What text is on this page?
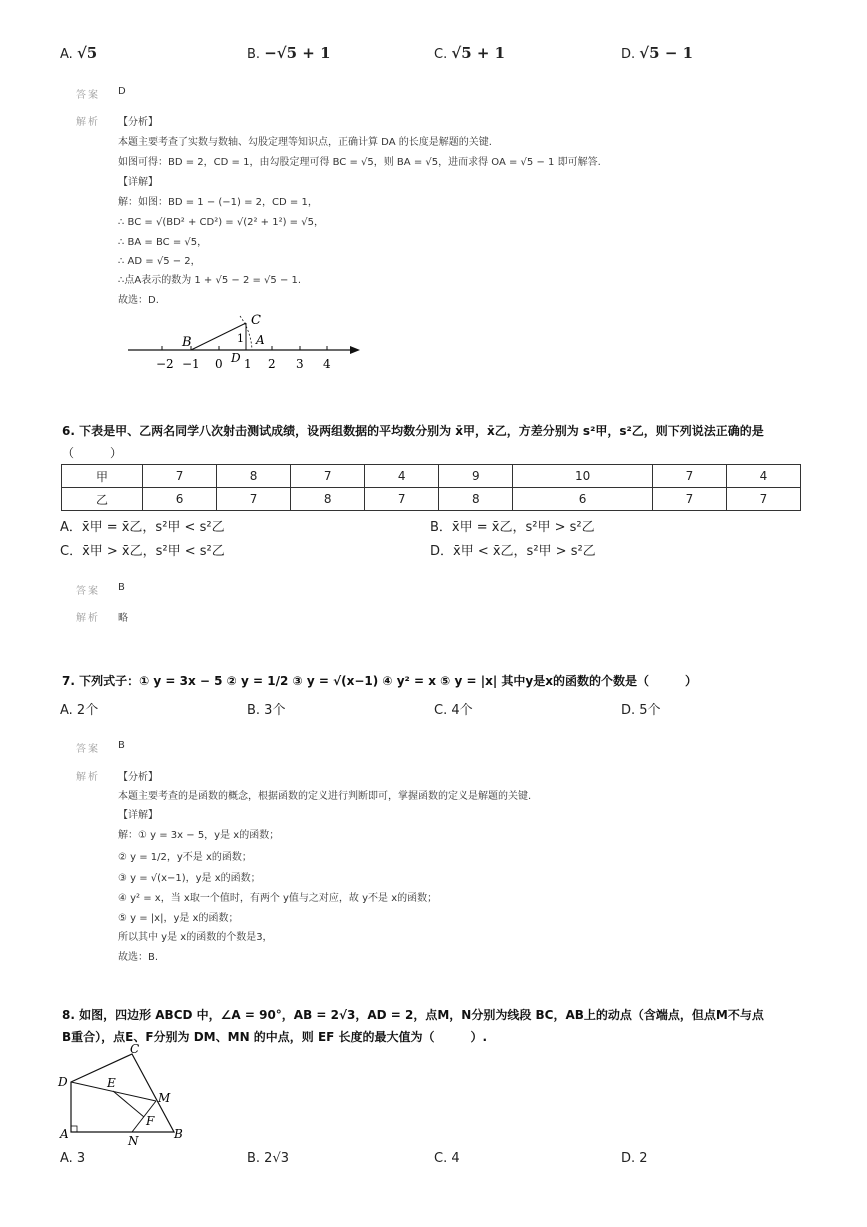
A. √5	B. −√5 + 1	C. √5 + 1	D. √5 − 1
答案 D
解析 【分析】
本题主要考查了实数与数轴、勾股定理等知识点，正确计算 DA 的长度是解题的关键.
如图可得：BD = 2，CD = 1，由勾股定理可得 BC = √5，则 BA = √5，进而求得 OA = √5 − 1 即可解答.
【详解】
解：如图：BD = 1 − (−1) = 2，CD = 1，
∴ BC = √(BD² + CD²) = √(2² + 1²) = √5，
∴ BA = BC = √5，
∴ AD = √5 − 2，
∴点A表示的数为 1 + √5 − 2 = √5 − 1.
故选：D.
C
B	A
D
1
−2 −1 0 1 2 3 4
6. 下表是甲、乙两名同学八次射击测试成绩，设两组数据的平均数分别为 x̄甲，x̄乙，方差分别为 s²甲，s²乙，则下列说法正确的是
（　　　）
甲	7	8	7	4	9	10	7	4
乙	6	7	8	7	8	6	7	7
A．x̄甲 = x̄乙，s²甲 < s²乙	B．x̄甲 = x̄乙，s²甲 > s²乙
C．x̄甲 > x̄乙，s²甲 < s²乙	D．x̄甲 < x̄乙，s²甲 > s²乙
答案 B
解析 略
7. 下列式子：① y = 3x − 5 ② y = 1/2 ③ y = √(x−1) ④ y² = x ⑤ y = |x| 其中y是x的函数的个数是（　　　）
A. 2个	B. 3个	C. 4个	D. 5个
答案 B
解析 【分析】
本题主要考查的是函数的概念，根据函数的定义进行判断即可，掌握函数的定义是解题的关键.
【详解】
解：① y = 3x − 5，y是 x的函数；
② y = 1/2，y不是 x的函数；
③ y = √(x−1)，y是 x的函数；
④ y² = x，当 x取一个值时，有两个 y值与之对应，故 y不是 x的函数；
⑤ y = |x|，y是 x的函数；
所以其中 y是 x的函数的个数是3，
故选：B.
8. 如图，四边形 ABCD 中，∠A = 90°，AB = 2√3，AD = 2，点M，N分别为线段 BC，AB上的动点（含端点，但点M不与点
B重合），点E、F分别为 DM、MN 的中点，则 EF 长度的最大值为（　　　）.
C
D	E
M
F
A	N	B
A. 3	B. 2√3	C. 4	D. 2
